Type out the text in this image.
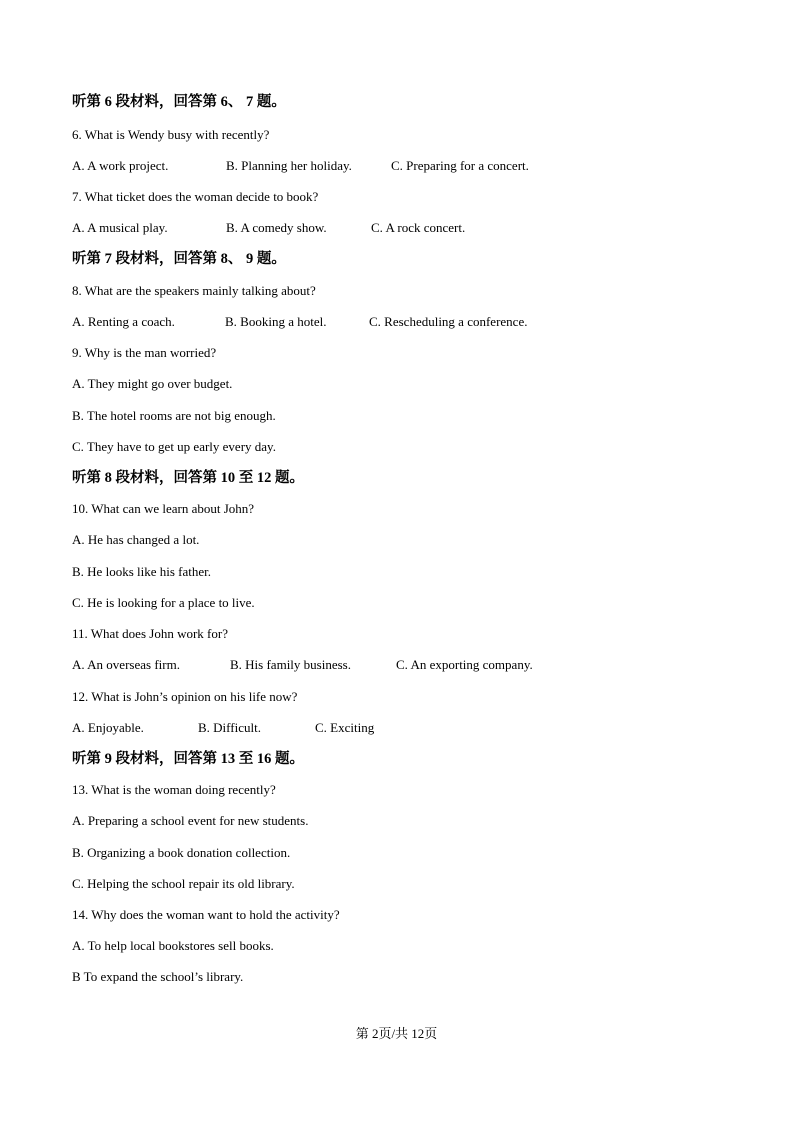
听第 6 段材料，回答第 6、 7 题。
6. What is Wendy busy with recently?
A. A work project.	B. Planning her holiday.	C. Preparing for a concert.
7. What ticket does the woman decide to book?
A. A musical play.	B. A comedy show.	C. A rock concert.
听第 7 段材料，回答第 8、 9 题。
8. What are the speakers mainly talking about?
A. Renting a coach.	B. Booking a hotel.	C. Rescheduling a conference.
9. Why is the man worried?
A. They might go over budget.
B. The hotel rooms are not big enough.
C. They have to get up early every day.
听第 8 段材料，回答第 10 至 12 题。
10. What can we learn about John?
A. He has changed a lot.
B. He looks like his father.
C. He is looking for a place to live.
11. What does John work for?
A. An overseas firm.	B. His family business.	C. An exporting company.
12. What is John’s opinion on his life now?
A. Enjoyable.	B. Difficult.	C. Exciting
听第 9 段材料，回答第 13 至 16 题。
13. What is the woman doing recently?
A. Preparing a school event for new students.
B. Organizing a book donation collection.
C. Helping the school repair its old library.
14. Why does the woman want to hold the activity?
A. To help local bookstores sell books.
B To expand the school’s library.
第 2页/共 12页
